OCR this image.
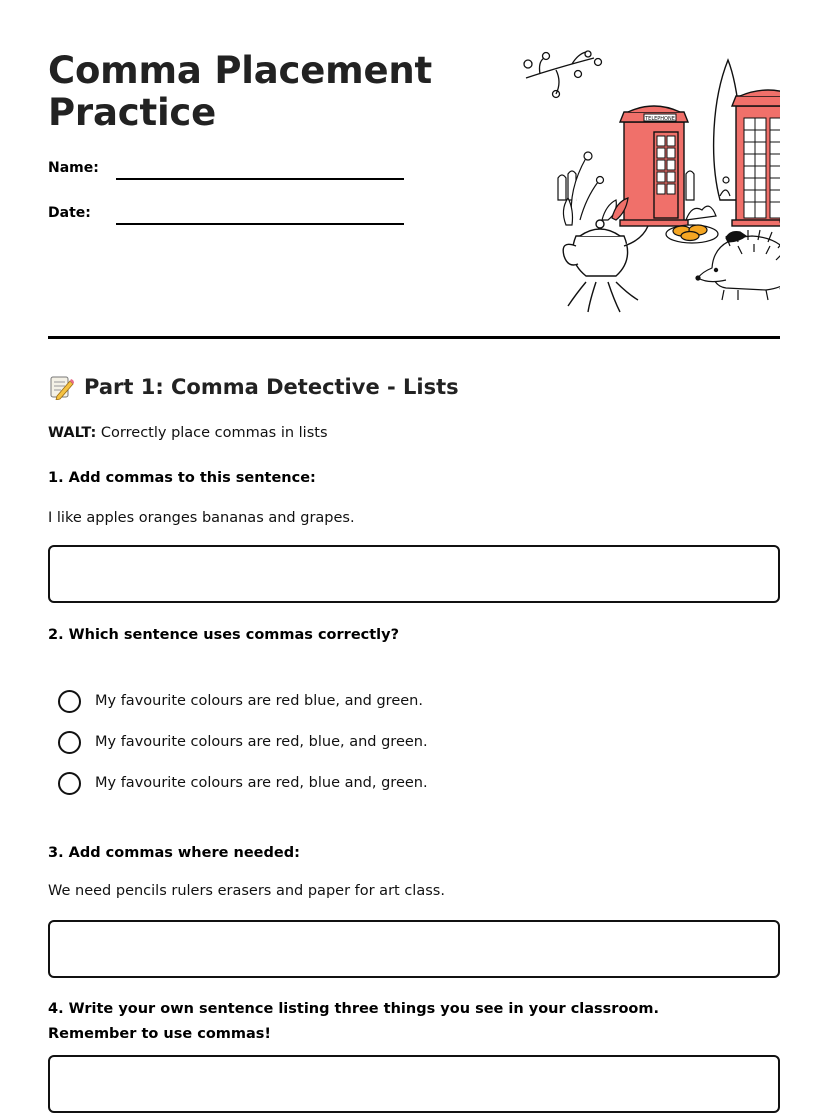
Comma Placement
Practice
Name:
Date:
TELEPHONE
Part 1: Comma Detective - Lists
WALT: Correctly place commas in lists
1. Add commas to this sentence:
I like apples oranges bananas and grapes.
2. Which sentence uses commas correctly?
My favourite colours are red blue, and green.
My favourite colours are red, blue, and green.
My favourite colours are red, blue and, green.
3. Add commas where needed:
We need pencils rulers erasers and paper for art class.
4. Write your own sentence listing three things you see in your classroom. Remember to use commas!
